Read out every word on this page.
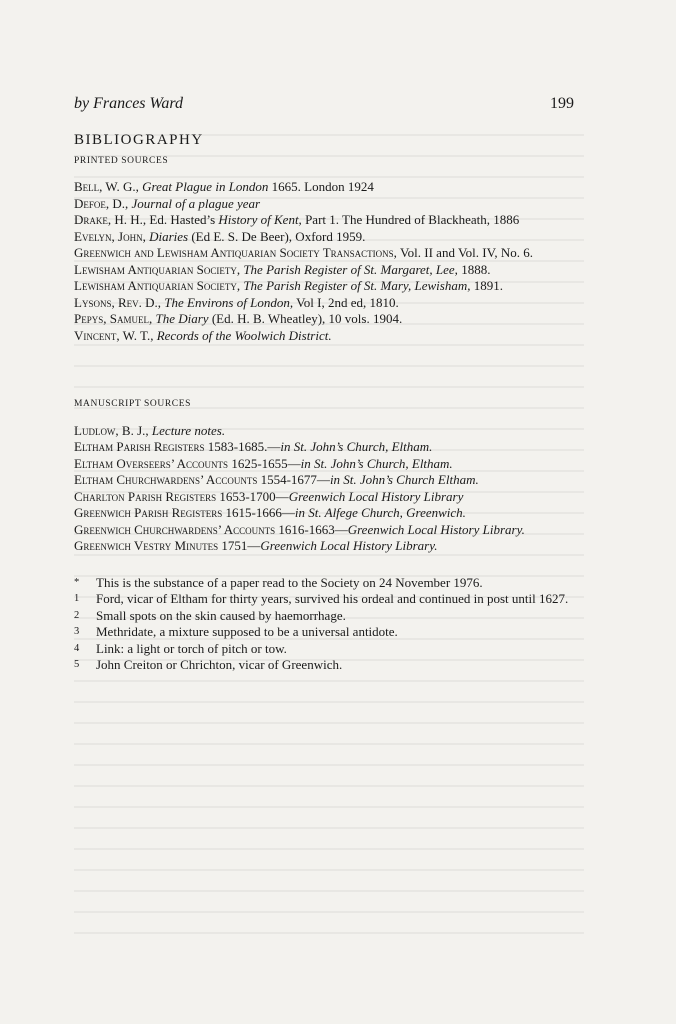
by Frances Ward	199
BIBLIOGRAPHY
PRINTED SOURCES

Bell, W. G., Great Plague in London 1665. London 1924

Defoe, D., Journal of a plague year

Drake, H. H., Ed. Hasted’s History of Kent, Part 1. The Hundred of Blackheath, 1886

Evelyn, John, Diaries (Ed E. S. De Beer), Oxford 1959.

Greenwich and Lewisham Antiquarian Society Transactions, Vol. II and Vol. IV, No. 6.

Lewisham Antiquarian Society, The Parish Register of St. Margaret, Lee, 1888.

Lewisham Antiquarian Society, The Parish Register of St. Mary, Lewisham, 1891.

Lysons, Rev. D., The Environs of London, Vol I, 2nd ed, 1810.

Pepys, Samuel, The Diary (Ed. H. B. Wheatley), 10 vols. 1904.

Vincent, W. T., Records of the Woolwich District.

MANUSCRIPT SOURCES

Ludlow, B. J., Lecture notes.

Eltham Parish Registers 1583-1685.—in St. John’s Church, Eltham.

Eltham Overseers’ Accounts 1625-1655—in St. John’s Church, Eltham.

Eltham Churchwardens’ Accounts 1554-1677—in St. John’s Church Eltham.

Charlton Parish Registers 1653-1700—Greenwich Local History Library

Greenwich Parish Registers 1615-1666—in St. Alfege Church, Greenwich.

Greenwich Churchwardens’ Accounts 1616-1663—Greenwich Local History Library.

Greenwich Vestry Minutes 1751—Greenwich Local History Library.

* This is the substance of a paper read to the Society on 24 November 1976.

1 Ford, vicar of Eltham for thirty years, survived his ordeal and continued in post until 1627.

2 Small spots on the skin caused by haemorrhage.

3 Methridate, a mixture supposed to be a universal antidote.

4 Link: a light or torch of pitch or tow.

5 John Creiton or Chrichton, vicar of Greenwich.
